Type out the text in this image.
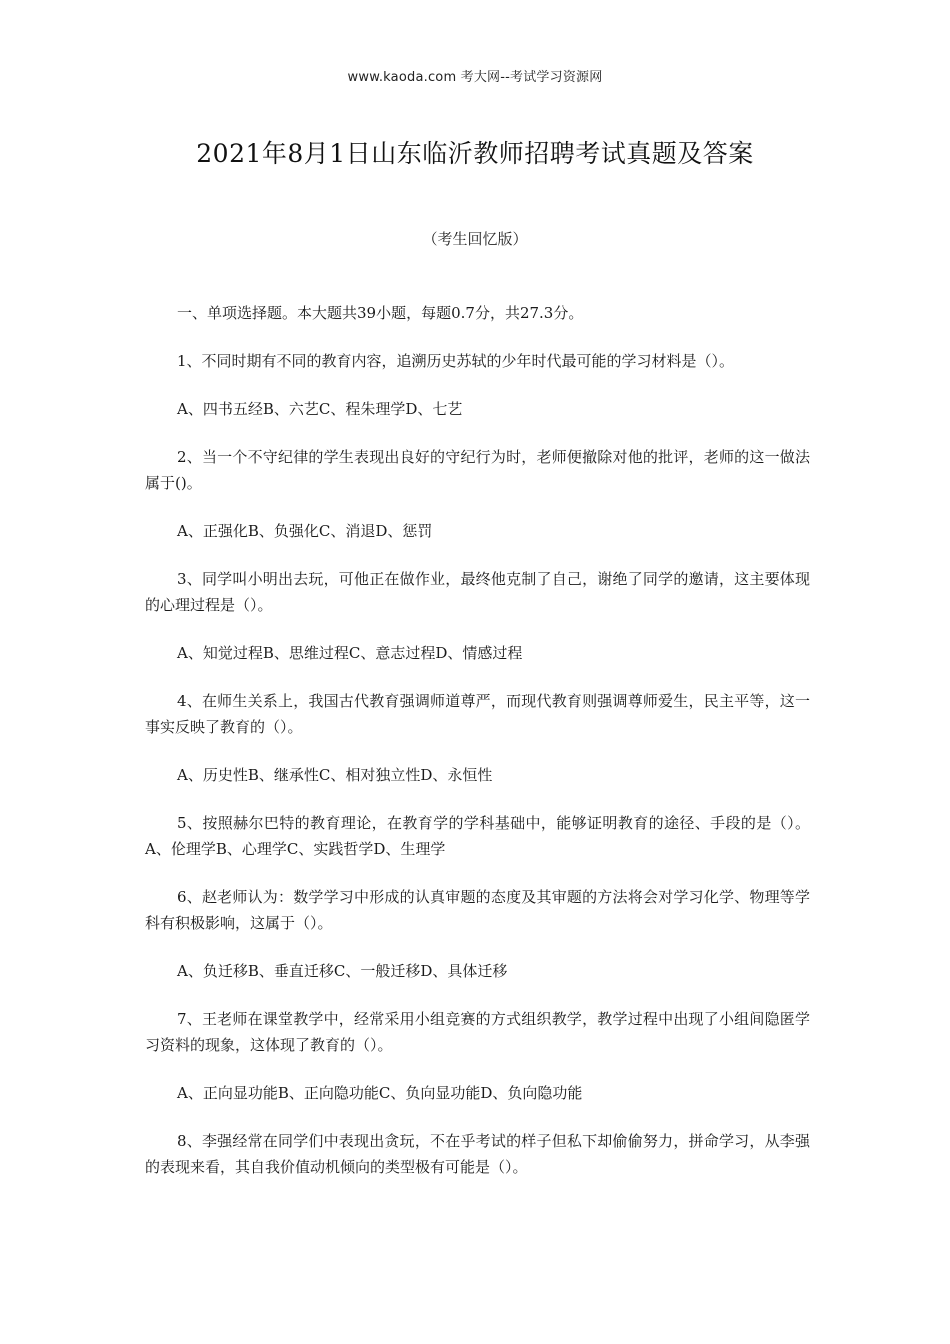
www.kaoda.com 考大网--考试学习资源网
2021年8月1日山东临沂教师招聘考试真题及答案
（考生回忆版）

一、单项选择题。本大题共39小题，每题0.7分，共27.3分。

1、不同时期有不同的教育内容，追溯历史苏轼的少年时代最可能的学习材料是（）。

A、四书五经B、六艺C、程朱理学D、七艺

2、当一个不守纪律的学生表现出良好的守纪行为时，老师便撤除对他的批评，老师的这一做法属于()。

A、正强化B、负强化C、消退D、惩罚

3、同学叫小明出去玩，可他正在做作业，最终他克制了自己，谢绝了同学的邀请，这主要体现的心理过程是（）。

A、知觉过程B、思维过程C、意志过程D、情感过程

4、在师生关系上，我国古代教育强调师道尊严，而现代教育则强调尊师爱生，民主平等，这一事实反映了教育的（）。

A、历史性B、继承性C、相对独立性D、永恒性

5、按照赫尔巴特的教育理论，在教育学的学科基础中，能够证明教育的途径、手段的是（）。A、伦理学B、心理学C、实践哲学D、生理学

6、赵老师认为：数学学习中形成的认真审题的态度及其审题的方法将会对学习化学、物理等学科有积极影响，这属于（）。

A、负迁移B、垂直迁移C、一般迁移D、具体迁移

7、王老师在课堂教学中，经常采用小组竞赛的方式组织教学，教学过程中出现了小组间隐匿学习资料的现象，这体现了教育的（）。

A、正向显功能B、正向隐功能C、负向显功能D、负向隐功能

8、李强经常在同学们中表现出贪玩，不在乎考试的样子但私下却偷偷努力，拼命学习，从李强的表现来看，其自我价值动机倾向的类型极有可能是（）。
